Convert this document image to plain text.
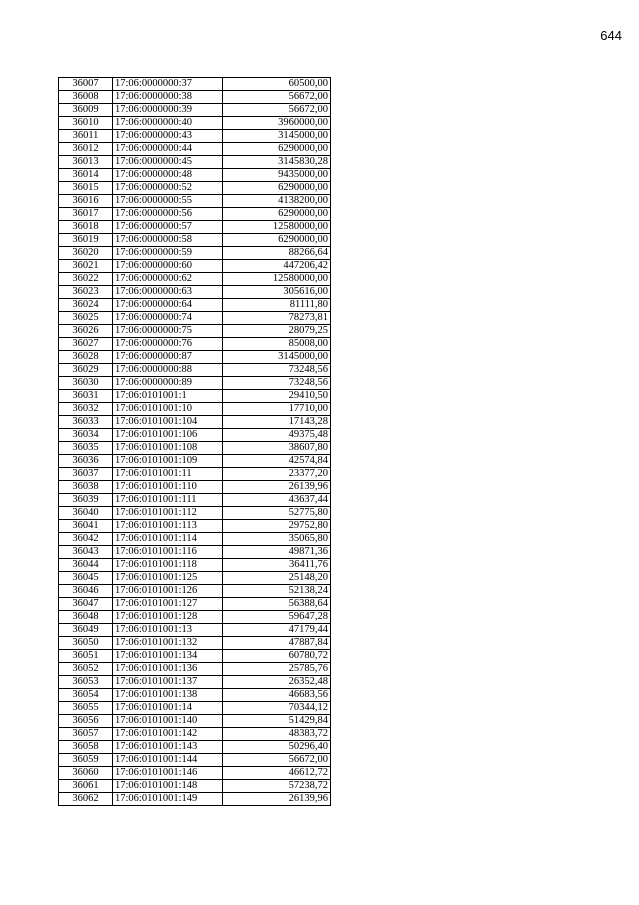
644
36007	17:06:0000000:37	60500,00
36008	17:06:0000000:38	56672,00
36009	17:06:0000000:39	56672,00
36010	17:06:0000000:40	3960000,00
36011	17:06:0000000:43	3145000,00
36012	17:06:0000000:44	6290000,00
36013	17:06:0000000:45	3145830,28
36014	17:06:0000000:48	9435000,00
36015	17:06:0000000:52	6290000,00
36016	17:06:0000000:55	4138200,00
36017	17:06:0000000:56	6290000,00
36018	17:06:0000000:57	12580000,00
36019	17:06:0000000:58	6290000,00
36020	17:06:0000000:59	88266,64
36021	17:06:0000000:60	447206,42
36022	17:06:0000000:62	12580000,00
36023	17:06:0000000:63	305616,00
36024	17:06:0000000:64	81111,80
36025	17:06:0000000:74	78273,81
36026	17:06:0000000:75	28079,25
36027	17:06:0000000:76	85008,00
36028	17:06:0000000:87	3145000,00
36029	17:06:0000000:88	73248,56
36030	17:06:0000000:89	73248,56
36031	17:06:0101001:1	29410,50
36032	17:06:0101001:10	17710,00
36033	17:06:0101001:104	17143,28
36034	17:06:0101001:106	49375,48
36035	17:06:0101001:108	38607,80
36036	17:06:0101001:109	42574,84
36037	17:06:0101001:11	23377,20
36038	17:06:0101001:110	26139,96
36039	17:06:0101001:111	43637,44
36040	17:06:0101001:112	52775,80
36041	17:06:0101001:113	29752,80
36042	17:06:0101001:114	35065,80
36043	17:06:0101001:116	49871,36
36044	17:06:0101001:118	36411,76
36045	17:06:0101001:125	25148,20
36046	17:06:0101001:126	52138,24
36047	17:06:0101001:127	56388,64
36048	17:06:0101001:128	59647,28
36049	17:06:0101001:13	47179,44
36050	17:06:0101001:132	47887,84
36051	17:06:0101001:134	60780,72
36052	17:06:0101001:136	25785,76
36053	17:06:0101001:137	26352,48
36054	17:06:0101001:138	46683,56
36055	17:06:0101001:14	70344,12
36056	17:06:0101001:140	51429,84
36057	17:06:0101001:142	48383,72
36058	17:06:0101001:143	50296,40
36059	17:06:0101001:144	56672,00
36060	17:06:0101001:146	46612,72
36061	17:06:0101001:148	57238,72
36062	17:06:0101001:149	26139,96
